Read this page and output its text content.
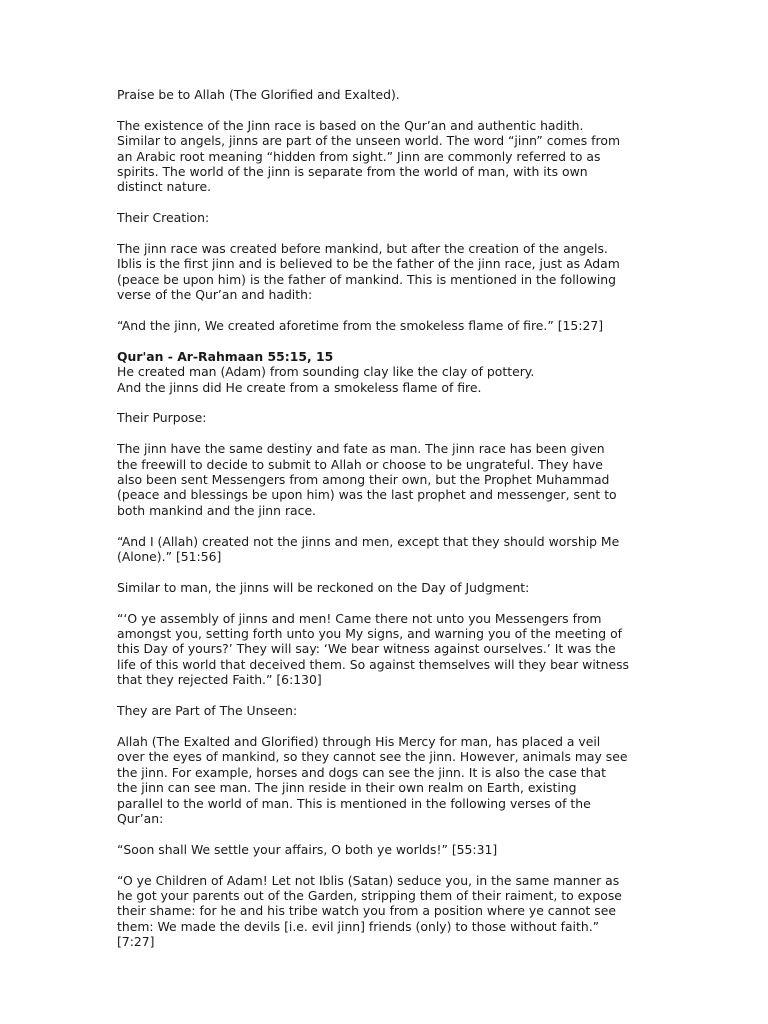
Praise be to Allah (The Glorified and Exalted).

The existence of the Jinn race is based on the Qur’an and authentic hadith.
Similar to angels, jinns are part of the unseen world. The word “jinn” comes from
an Arabic root meaning “hidden from sight.” Jinn are commonly referred to as
spirits. The world of the jinn is separate from the world of man, with its own
distinct nature.

Their Creation:

The jinn race was created before mankind, but after the creation of the angels.
Iblis is the first jinn and is believed to be the father of the jinn race, just as Adam
(peace be upon him) is the father of mankind. This is mentioned in the following
verse of the Qur’an and hadith:

“And the jinn, We created aforetime from the smokeless flame of fire.” [15:27]

Qur'an - Ar-Rahmaan 55:15, 15

He created man (Adam) from sounding clay like the clay of pottery.
And the jinns did He create from a smokeless flame of fire.

Their Purpose:

The jinn have the same destiny and fate as man. The jinn race has been given
the freewill to decide to submit to Allah or choose to be ungrateful. They have
also been sent Messengers from among their own, but the Prophet Muhammad
(peace and blessings be upon him) was the last prophet and messenger, sent to
both mankind and the jinn race.

“And I (Allah) created not the jinns and men, except that they should worship Me
(Alone).” [51:56]

Similar to man, the jinns will be reckoned on the Day of Judgment:

“‘O ye assembly of jinns and men! Came there not unto you Messengers from
amongst you, setting forth unto you My signs, and warning you of the meeting of
this Day of yours?’ They will say: ‘We bear witness against ourselves.’ It was the
life of this world that deceived them. So against themselves will they bear witness
that they rejected Faith.” [6:130]

They are Part of The Unseen:

Allah (The Exalted and Glorified) through His Mercy for man, has placed a veil
over the eyes of mankind, so they cannot see the jinn. However, animals may see
the jinn. For example, horses and dogs can see the jinn. It is also the case that
the jinn can see man. The jinn reside in their own realm on Earth, existing
parallel to the world of man. This is mentioned in the following verses of the
Qur’an:

“Soon shall We settle your affairs, O both ye worlds!” [55:31]

“O ye Children of Adam! Let not Iblis (Satan) seduce you, in the same manner as
he got your parents out of the Garden, stripping them of their raiment, to expose
their shame: for he and his tribe watch you from a position where ye cannot see
them: We made the devils [i.e. evil jinn] friends (only) to those without faith.”
[7:27]
